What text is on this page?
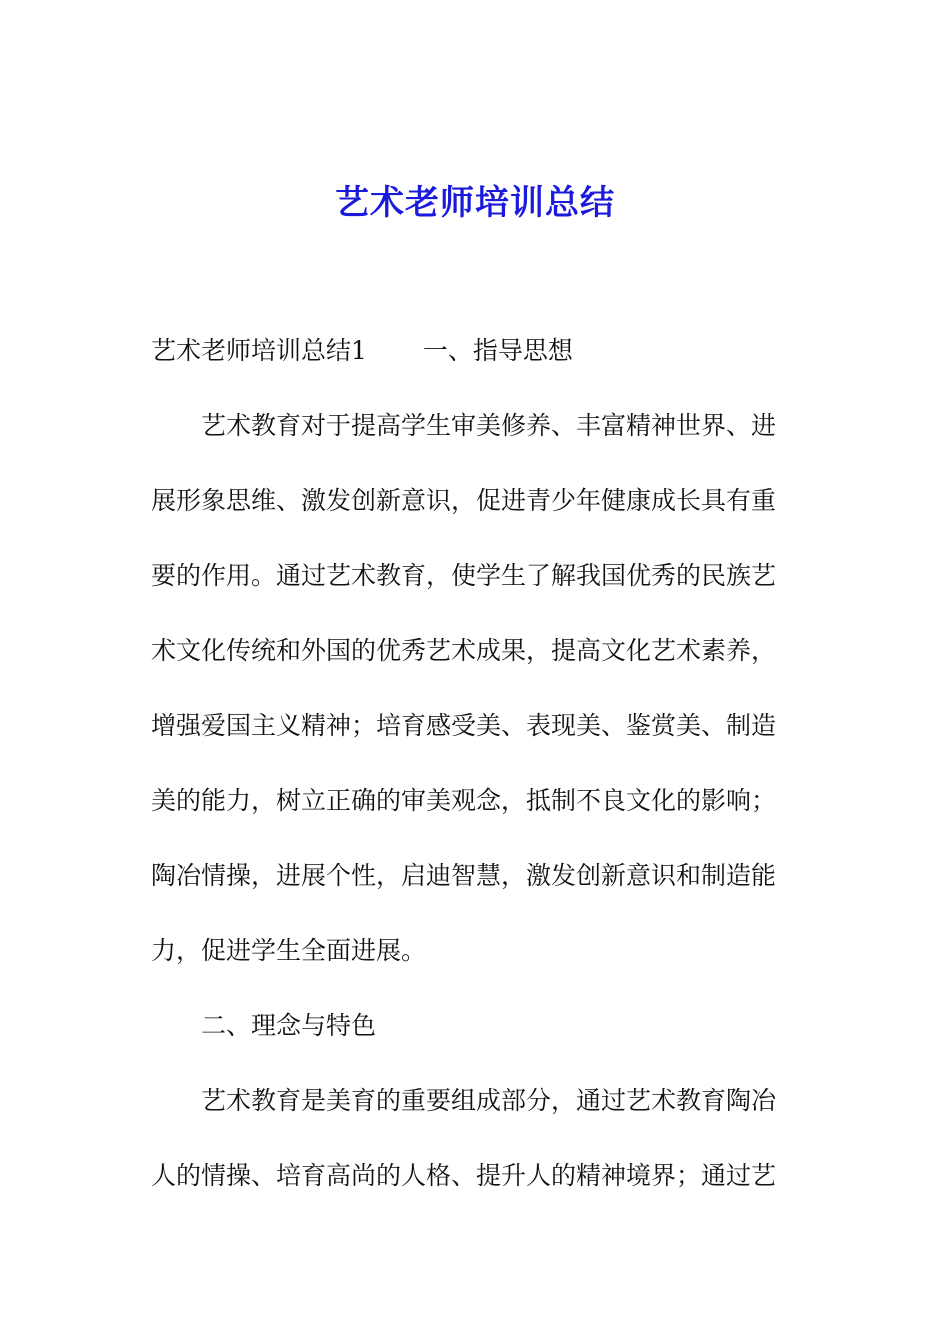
艺术老师培训总结
艺术老师培训总结1 一、指导思想
艺术教育对于提高学生审美修养、丰富精神世界、进
展形象思维、激发创新意识，促进青少年健康成长具有重
要的作用。通过艺术教育，使学生了解我国优秀的民族艺
术文化传统和外国的优秀艺术成果，提高文化艺术素养，
增强爱国主义精神；培育感受美、表现美、鉴赏美、制造
美的能力，树立正确的审美观念，抵制不良文化的影响；
陶冶情操，进展个性，启迪智慧，激发创新意识和制造能
力，促进学生全面进展。
二、理念与特色
艺术教育是美育的重要组成部分，通过艺术教育陶冶
人的情操、培育高尚的人格、提升人的精神境界；通过艺
